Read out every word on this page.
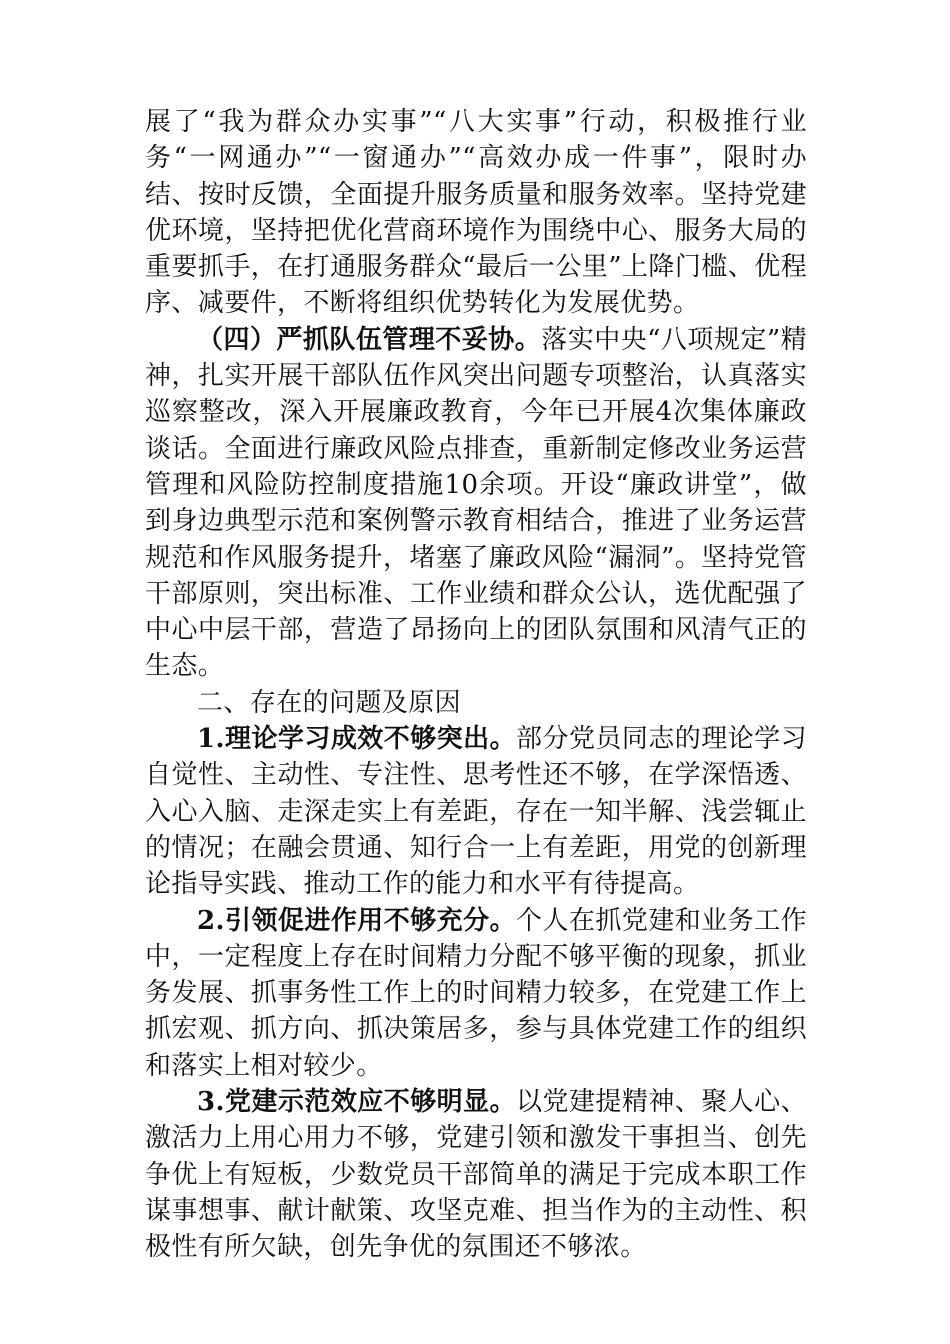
展了“我为群众办实事”“八大实事”行动，积极推行业务“一网通办”“一窗通办”“高效办成一件事”，限时办结、按时反馈，全面提升服务质量和服务效率。坚持党建优环境，坚持把优化营商环境作为围绕中心、服务大局的重要抓手，在打通服务群众“最后一公里”上降门槛、优程序、减要件，不断将组织优势转化为发展优势。

（四）严抓队伍管理不妥协。落实中央“八项规定”精神，扎实开展干部队伍作风突出问题专项整治，认真落实巡察整改，深入开展廉政教育，今年已开展4次集体廉政谈话。全面进行廉政风险点排查，重新制定修改业务运营管理和风险防控制度措施10余项。开设“廉政讲堂”，做到身边典型示范和案例警示教育相结合，推进了业务运营规范和作风服务提升，堵塞了廉政风险“漏洞”。坚持党管干部原则，突出标准、工作业绩和群众公认，选优配强了中心中层干部，营造了昂扬向上的团队氛围和风清气正的生态。

二、存在的问题及原因

1.理论学习成效不够突出。部分党员同志的理论学习自觉性、主动性、专注性、思考性还不够，在学深悟透、入心入脑、走深走实上有差距，存在一知半解、浅尝辄止的情况；在融会贯通、知行合一上有差距，用党的创新理论指导实践、推动工作的能力和水平有待提高。

2.引领促进作用不够充分。个人在抓党建和业务工作中，一定程度上存在时间精力分配不够平衡的现象，抓业务发展、抓事务性工作上的时间精力较多，在党建工作上抓宏观、抓方向、抓决策居多，参与具体党建工作的组织和落实上相对较少。

3.党建示范效应不够明显。以党建提精神、聚人心、激活力上用心用力不够，党建引领和激发干事担当、创先争优上有短板，少数党员干部简单的满足于完成本职工作谋事想事、献计献策、攻坚克难、担当作为的主动性、积极性有所欠缺，创先争优的氛围还不够浓。
